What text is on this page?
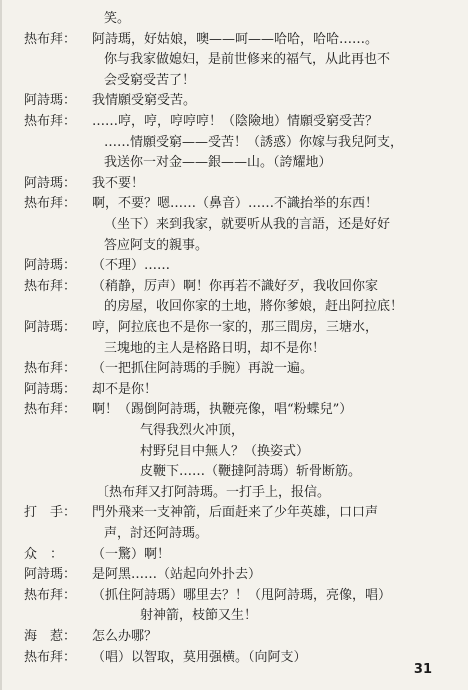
笑。
热布拜：	阿詩瑪，好姑娘，噢——呵——哈哈，哈哈……。
你与我家做媳妇，是前世修来的福气，从此再也不
会受窮受苦了！
阿詩瑪：	我情願受窮受苦。
热布拜：	……哼，哼，哼哼哼！（陰險地）情願受窮受苦？
……情願受窮——受苦！（誘惑）你嫁与我兒阿支，
我送你一对金——銀——山。（誇耀地）
阿詩瑪：	我不要！
热布拜：	啊，不要？嗯……（鼻音）……不識抬举的东西！
（坐下）来到我家，就要听从我的言語，还是好好
答应阿支的親事。
阿詩瑪：	（不理）……
热布拜：	（稍静，厉声）啊！你再若不識好歹，我收回你家
的房屋，收回你家的土地，將你爹娘，赶出阿拉底！
阿詩瑪：	哼，阿拉底也不是你一家的，那三間房，三塘水，
三塊地的主人是格路日明，却不是你！
热布拜：	（一把抓住阿詩瑪的手腕）再說一遍。
阿詩瑪：	却不是你！
热布拜：	啊！（踢倒阿詩瑪，执鞭亮像，唱“粉蝶兒”）
气得我烈火冲顶，
村野兒目中無人？（换姿式）
皮鞭下……（鞭撻阿詩瑪）斩骨断筋。
〔热布拜又打阿詩瑪。一打手上，报信。
打　手：	門外飛来一支神箭，后面赶来了少年英雄，口口声
声，討还阿詩瑪。
众　：	（一驚）啊！
阿詩瑪：	是阿黑……（站起向外扑去）
热布拜：	（抓住阿詩瑪）哪里去？！（甩阿詩瑪，亮像，唱）
射神箭，枝節又生！
海　惹：	怎么办哪？
热布拜：	（唱）以智取，莫用强横。（向阿支）
31
